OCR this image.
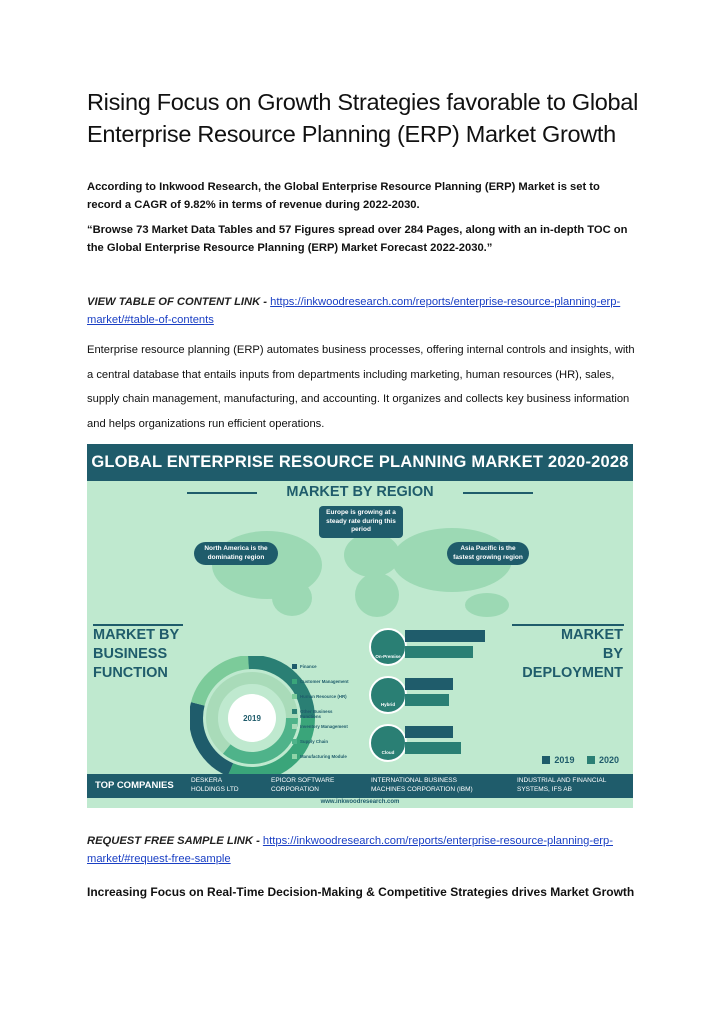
Rising Focus on Growth Strategies favorable to Global
Enterprise Resource Planning (ERP) Market Growth

According to Inkwood Research, the Global Enterprise Resource Planning (ERP) Market is set to record a CAGR of 9.82% in terms of revenue during 2022-2030.

“Browse 73 Market Data Tables and 57 Figures spread over 284 Pages, along with an in-depth TOC on the Global Enterprise Resource Planning (ERP) Market Forecast 2022-2030.”

VIEW TABLE OF CONTENT LINK - https://inkwoodresearch.com/reports/enterprise-resource-planning-erp-market/#table-of-contents

Enterprise resource planning (ERP) automates business processes, offering internal controls and insights, with a central database that entails inputs from departments including marketing, human resources (HR), sales, supply chain management, manufacturing, and accounting. It organizes and collects key business information and helps organizations run efficient operations.

GLOBAL ENTERPRISE RESOURCE PLANNING MARKET 2020-2028
MARKET BY REGION
Europe is growing at a steady rate during this period
North America is the dominating region
Asia Pacific is the fastest growing region
MARKET BY
BUSINESS
FUNCTION
MARKET
BY
DEPLOYMENT
2019
Finance
Customer Management
Human Resource (HR)
Other Business Functions
Inventory Management
Supply Chain
Manufacturing Module
On-Premise
Hybrid
Cloud
2019	2020
TOP COMPANIES	DESKERA HOLDINGS LTD
EPICOR SOFTWARE CORPORATION
INTERNATIONAL BUSINESS MACHINES CORPORATION (IBM)
INDUSTRIAL AND FINANCIAL SYSTEMS, IFS AB
www.inkwoodresearch.com

REQUEST FREE SAMPLE LINK - https://inkwoodresearch.com/reports/enterprise-resource-planning-erp-market/#request-free-sample

Increasing Focus on Real-Time Decision-Making & Competitive Strategies drives Market Growth
